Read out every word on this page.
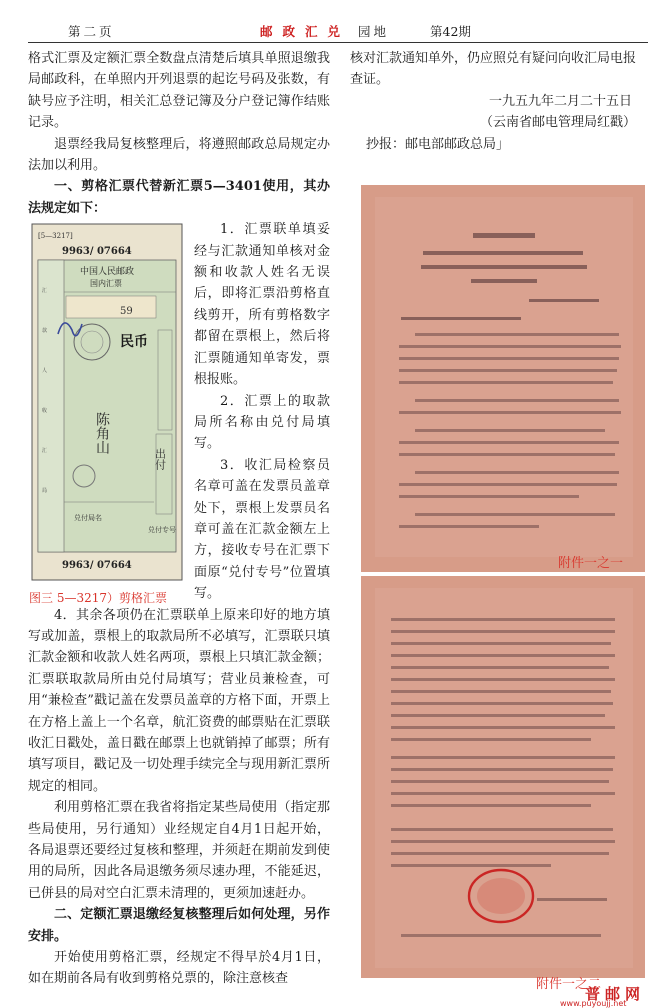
第二页	邮政汇兑 园地	第42期

格式汇票及定额汇票全数盘点清楚后填具单照退缴我局邮政科，在单照内开列退票的起讫号码及张数，有缺号应予注明，相关汇总登记簿及分户登记簿作结账记录。

退票经我局复核整理后，将遵照邮政总局规定办法加以利用。

一、剪格汇票代替新汇票5—3401使用，其办法规定如下：

[5—3217]
9963/ 07664
汇
款
人
收
汇
局
中国人民邮政
国内汇票
59
民币
陈角山
出付
兑付局名
兑付专号
9963/ 07664
图三 5—3217）剪格汇票

1．汇票联单填妥经与汇款通知单核对金额和收款人姓名无误后，即将汇票沿剪格直线剪开，所有剪格数字都留在票根上，然后将汇票随通知单寄发，票根报账。

2．汇票上的取款局所名称由兑付局填写。

3．收汇局检察员名章可盖在发票员盖章处下，票根上发票员名章可盖在汇款金额左上方，接收专号在汇票下面原“兑付专号”位置填写。

4．其余各项仍在汇票联单上原来印好的地方填写或加盖，票根上的取款局所不必填写，汇票联只填汇款金额和收款人姓名两项，票根上只填汇款金额；汇票联取款局所由兑付局填写；营业员兼检查，可用“兼检查”戳记盖在发票员盖章的方格下面，开票上在方格上盖上一个名章，航汇资费的邮票贴在汇票联收汇日戳处，盖日戳在邮票上也就销掉了邮票；所有填写项目，戳记及一切处理手续完全与现用新汇票所规定的相同。

利用剪格汇票在我省将指定某些局使用（指定那些局使用，另行通知）业经规定自4月1日起开始，各局退票还要经过复核和整理，并须赶在期前发到使用的局所，因此各局退缴务须尽速办理，不能延迟，已併县的局对空白汇票未清理的，更须加速赶办。

二、定额汇票退缴经复核整理后如何处理，另作安排。

开始使用剪格汇票，经规定不得早於4月1日，如在期前各局有收到剪格兑票的，除注意核查

核对汇款通知单外，仍应照兑有疑问向收汇局电报查证。

一九五九年二月二十五日

（云南省邮电管理局红戳）

抄报：邮电部邮政总局」

附件一之一
附件一之二
普邮网
www.puyoujj.net
